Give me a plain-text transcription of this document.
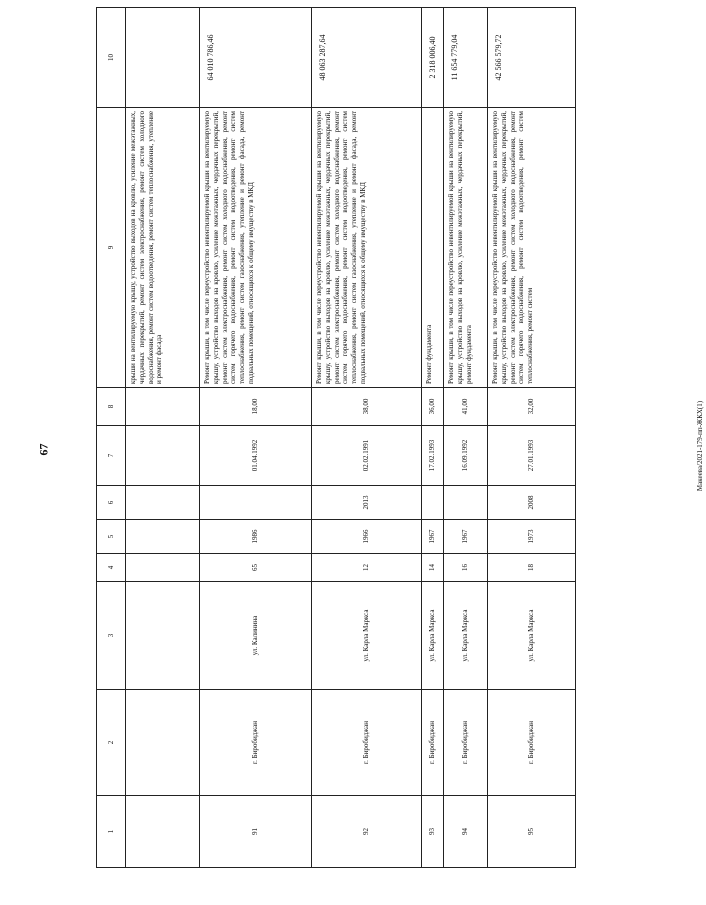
67	Макеева/2021-179-пп-ЖКХ(1)
1	2	3	4	5	6	7	8	9	10
								крыши на вентилируемую крышу, устройство выходов на кровлю, усиление межэтажных, чердачных перекрытий, ремонт систем электроснабжения, ремонт систем холодного водоснабжения, ремонт систем водоотведения, ремонт систем теплоснабжения, утепление и ремонт фасада	
91	г. Биробиджан	ул. Калинина	65	1986		01.04.1992	18,00	Ремонт крыши, в том числе переустройство невентилируемой крыши на вентилируемую крышу, устройство выходов на кровлю, усиление межэтажных, чердачных перекрытий, ремонт систем электроснабжения, ремонт систем холодного водоснабжения, ремонт систем горячего водоснабжения, ремонт систем водоотведения, ремонт систем теплоснабжения, ремонт систем газоснабжения, утепление и ремонт фасада, ремонт подвальных помещений, относящихся к общему имуществу в МКД	64 010 786,46
92	г. Биробиджан	ул. Карла Маркса	12	1966	2013	02.02.1991	38,00	Ремонт крыши, в том числе переустройство невентилируемой крыши на вентилируемую крышу, устройство выходов на кровлю, усиление межэтажных, чердачных перекрытий, ремонт систем электроснабжения, ремонт систем холодного водоснабжения, ремонт систем горячего водоснабжения, ремонт систем водоотведения, ремонт систем теплоснабжения, ремонт систем газоснабжения, утепление и ремонт фасада, ремонт подвальных помещений, относящихся к общему имуществу в МКД	48 063 287,64
93	г. Биробиджан	ул. Карла Маркса	14	1967		17.02.1993	36,00	Ремонт фундамента	2 318 006,40
94	г. Биробиджан	ул. Карла Маркса	16	1967		16.09.1992	41,00	Ремонт крыши, в том числе переустройство невентилируемой крыши на вентилируемую крышу, устройство выходов на кровлю, усиление межэтажных, чердачных перекрытий, ремонт фундамента	11 654 779,04
95	г. Биробиджан	ул. Карла Маркса	18	1973	2008	27.01.1993	32,00	Ремонт крыши, в том числе переустройство невентилируемой крыши на вентилируемую крышу, устройство выходов на кровлю, усиление межэтажных, чердачных перекрытий, ремонт систем электроснабжения, ремонт систем холодного водоснабжения, ремонт систем горячего водоснабжения, ремонт систем водоотведения, ремонт систем теплоснабжения, ремонт систем	42 566 579,72
